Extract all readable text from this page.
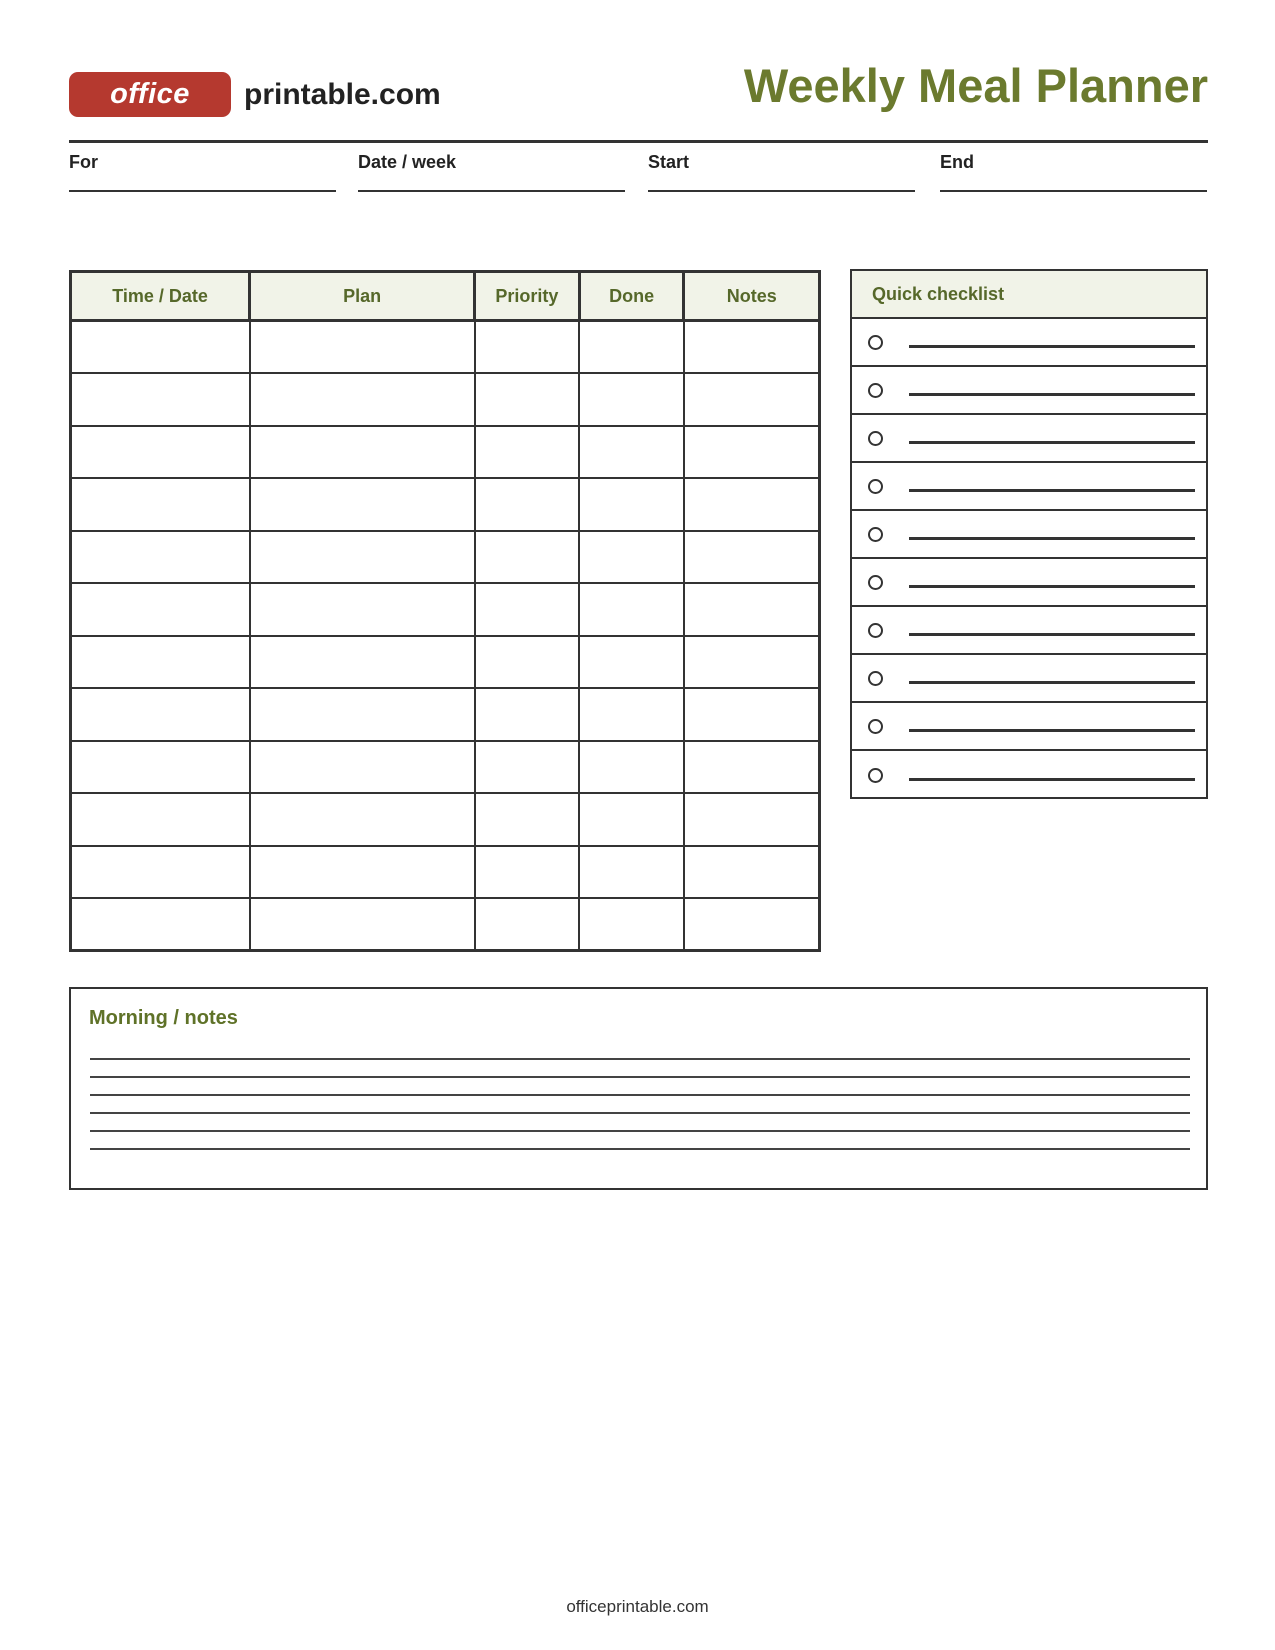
office	printable.com	Weekly Meal Planner
For	Date / week	Start	End
Time / Date	Plan	Priority	Done	Notes

					Quick checklist
Morning / notes
officeprintable.com
